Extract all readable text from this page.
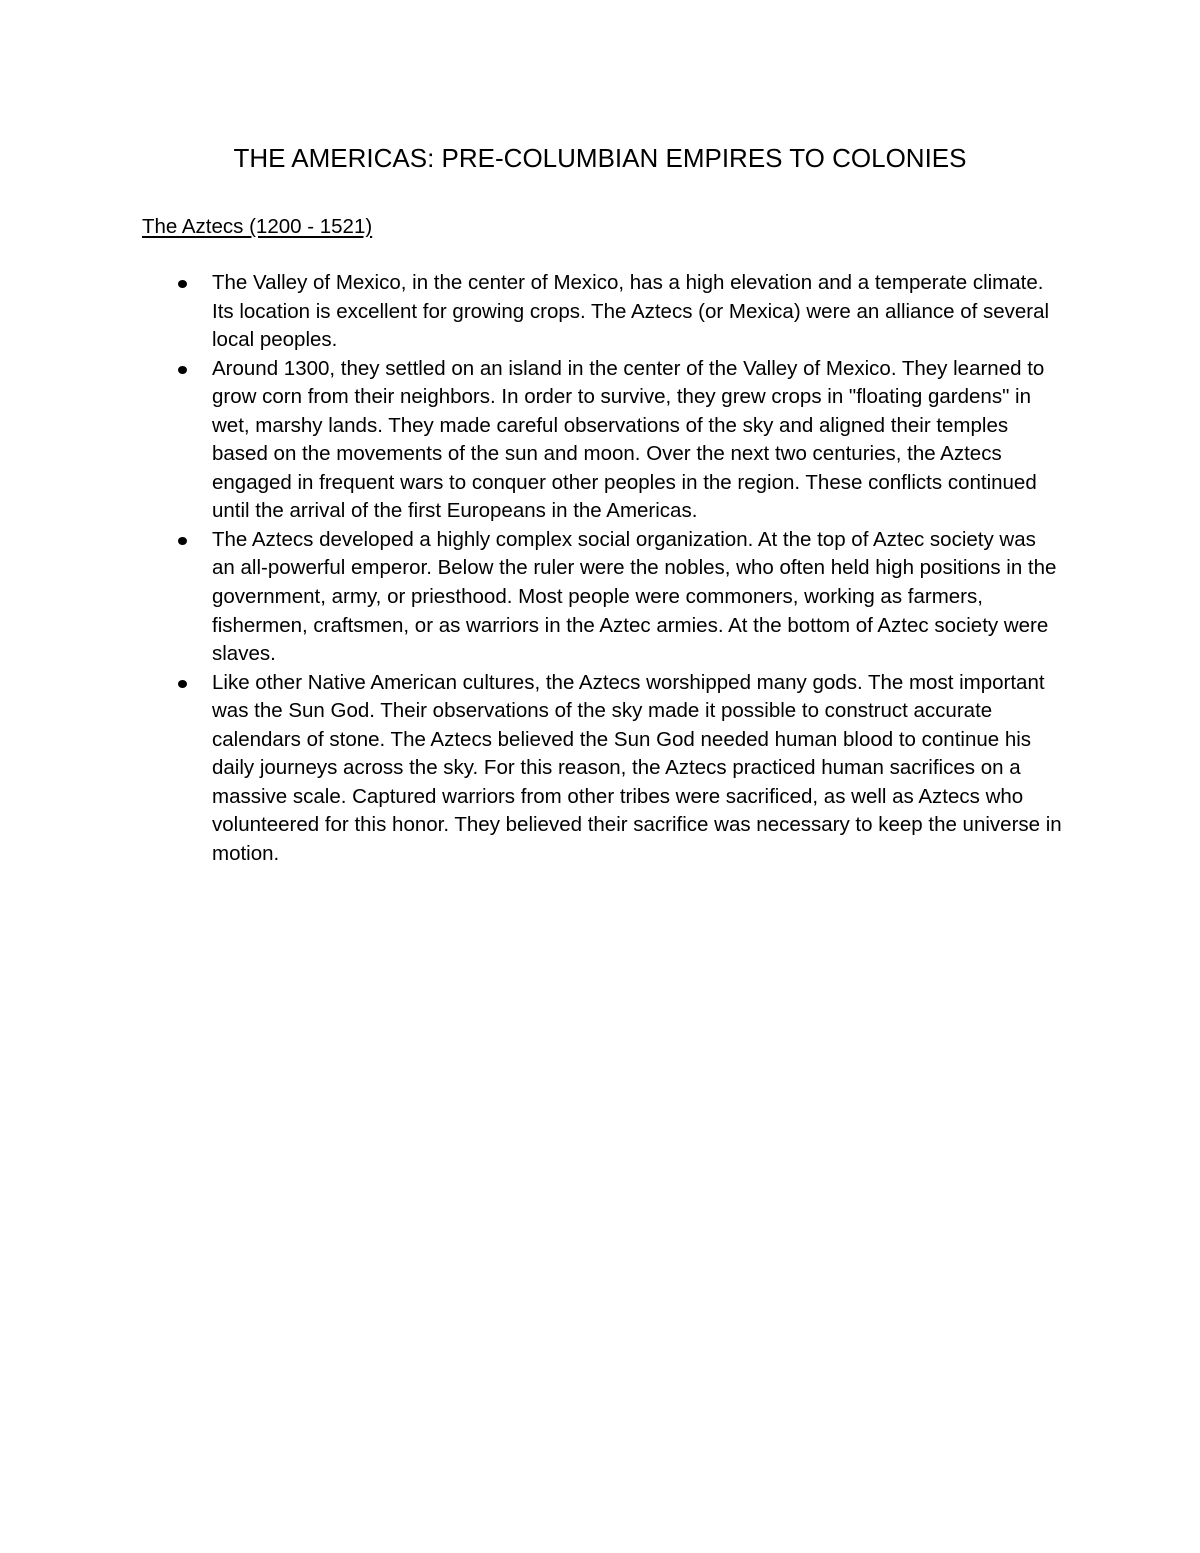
THE AMERICAS: PRE-COLUMBIAN EMPIRES TO COLONIES
The Aztecs (1200 - 1521)
The Valley of Mexico, in the center of Mexico, has a high elevation and a temperate climate. Its location is excellent for growing crops. The Aztecs (or Mexica) were an alliance of several local peoples.
Around 1300, they settled on an island in the center of the Valley of Mexico. They learned to grow corn from their neighbors. In order to survive, they grew crops in "floating gardens" in wet, marshy lands. They made careful observations of the sky and aligned their temples based on the movements of the sun and moon. Over the next two centuries, the Aztecs engaged in frequent wars to conquer other peoples in the region. These conflicts continued until the arrival of the first Europeans in the Americas.
The Aztecs developed a highly complex social organization. At the top of Aztec society was an all-powerful emperor. Below the ruler were the nobles, who often held high positions in the government, army, or priesthood. Most people were commoners, working as farmers, fishermen, craftsmen, or as warriors in the Aztec armies. At the bottom of Aztec society were slaves.
Like other Native American cultures, the Aztecs worshipped many gods. The most important was the Sun God. Their observations of the sky made it possible to construct accurate calendars of stone. The Aztecs believed the Sun God needed human blood to continue his daily journeys across the sky. For this reason, the Aztecs practiced human sacrifices on a massive scale. Captured warriors from other tribes were sacrificed, as well as Aztecs who volunteered for this honor. They believed their sacrifice was necessary to keep the universe in motion.
